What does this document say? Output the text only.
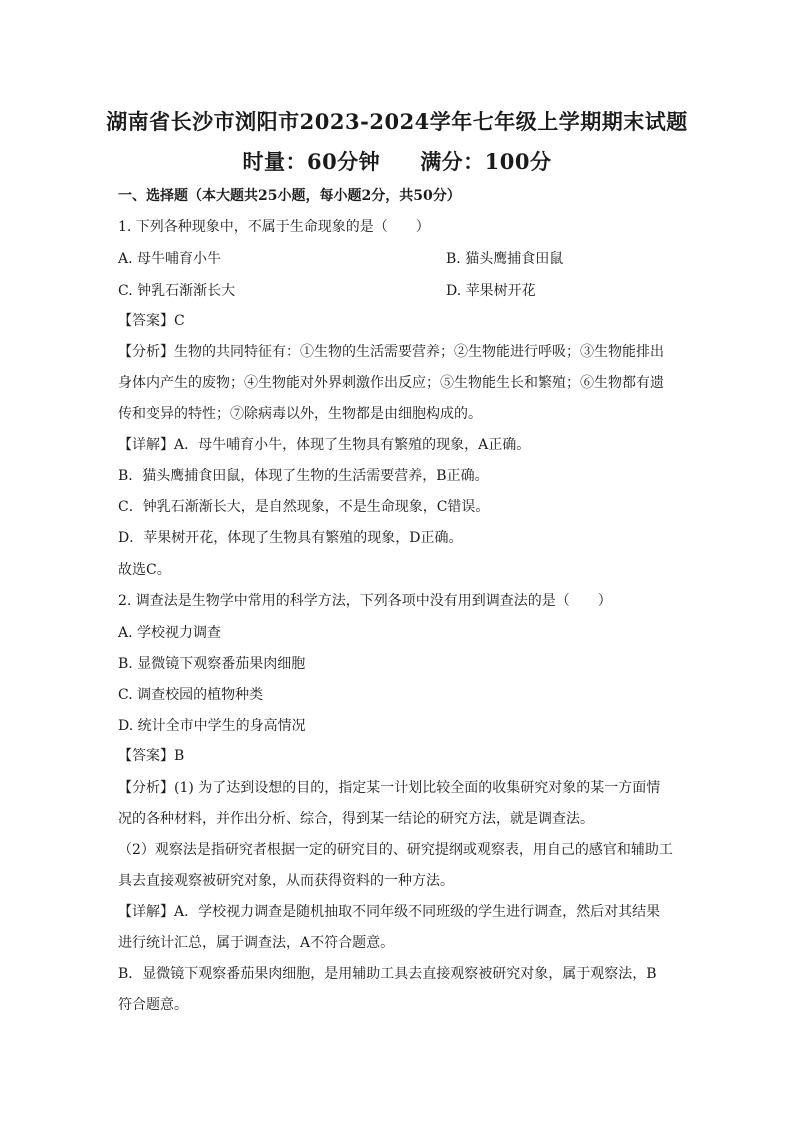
湖南省长沙市浏阳市2023-2024学年七年级上学期期末试题
时量：60分钟 满分：100分
一、选择题（本大题共25小题，每小题2分，共50分）
1. 下列各种现象中，不属于生命现象的是（　　）
A. 母牛哺育小牛	B. 猫头鹰捕食田鼠
C. 钟乳石渐渐长大	D. 苹果树开花
【答案】C
【分析】生物的共同特征有：①生物的生活需要营养；②生物能进行呼吸；③生物能排出
身体内产生的废物；④生物能对外界刺激作出反应；⑤生物能生长和繁殖；⑥生物都有遗
传和变异的特性；⑦除病毒以外，生物都是由细胞构成的。
【详解】A．母牛哺育小牛，体现了生物具有繁殖的现象，A正确。
B．猫头鹰捕食田鼠，体现了生物的生活需要营养，B正确。
C．钟乳石渐渐长大，是自然现象，不是生命现象，C错误。
D．苹果树开花，体现了生物具有繁殖的现象，D正确。
故选C。
2. 调查法是生物学中常用的科学方法，下列各项中没有用到调查法的是（　　）
A. 学校视力调查
B. 显微镜下观察番茄果肉细胞
C. 调查校园的植物种类
D. 统计全市中学生的身高情况
【答案】B
【分析】(1) 为了达到设想的目的，指定某一计划比较全面的收集研究对象的某一方面情
况的各种材料，并作出分析、综合，得到某一结论的研究方法，就是调查法。
（2）观察法是指研究者根据一定的研究目的、研究提纲或观察表，用自己的感官和辅助工
具去直接观察被研究对象，从而获得资料的一种方法。
【详解】A．学校视力调查是随机抽取不同年级不同班级的学生进行调查，然后对其结果
进行统计汇总，属于调查法，A不符合题意。
B．显微镜下观察番茄果肉细胞，是用辅助工具去直接观察被研究对象，属于观察法，B
符合题意。
